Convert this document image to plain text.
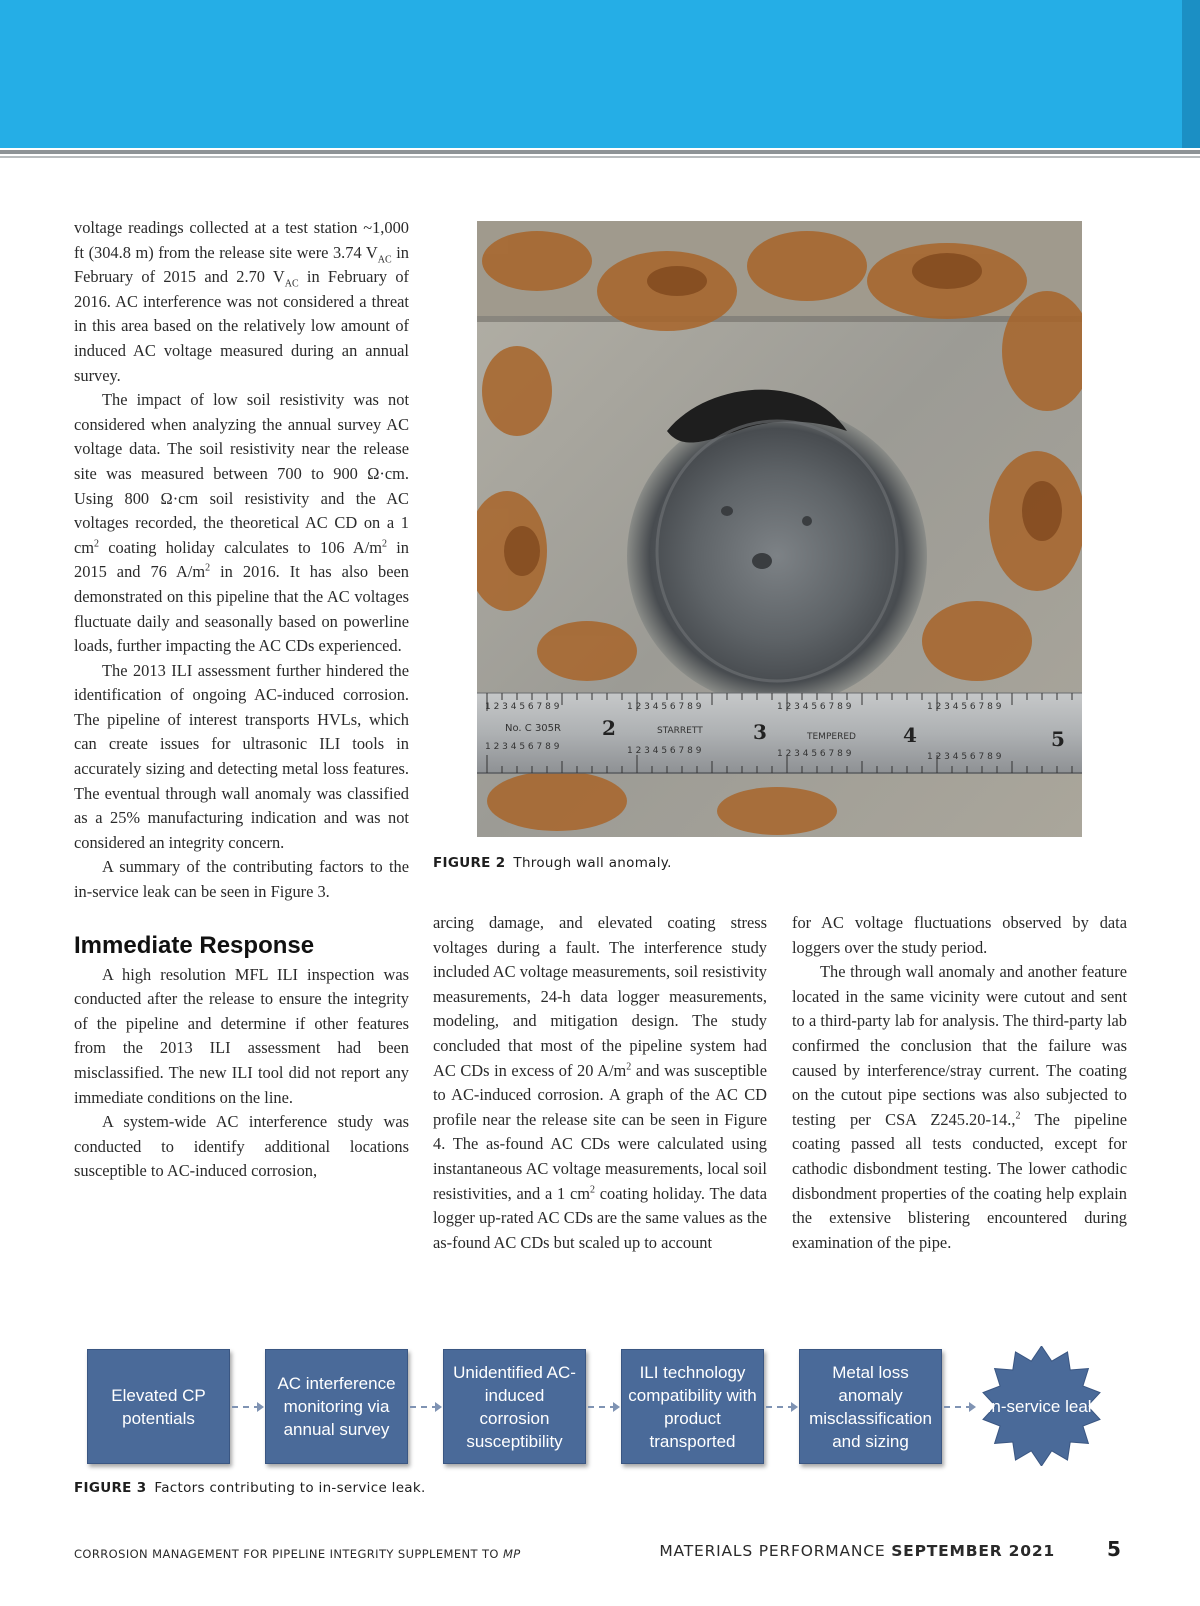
voltage readings collected at a test station ~1,000 ft (304.8 m) from the release site were 3.74 $V_{AC}$ in February of 2015 and 2.70 $V_{AC}$ in February of 2016. AC interference was not considered a threat in this area based on the relatively low amount of induced AC voltage measured during an annual survey.

The impact of low soil resistivity was not considered when analyzing the annual survey AC voltage data. The soil resistivity near the release site was measured between 700 to 900 Ω·cm. Using 800 Ω·cm soil resistivity and the AC voltages recorded, the theoretical AC CD on a 1 $cm^2$ coating holiday calculates to 106 $A/m^2$ in 2015 and 76 $A/m^2$ in 2016. It has also been demonstrated on this pipeline that the AC voltages fluctuate daily and seasonally based on powerline loads, further impacting the AC CDs experienced.

The 2013 ILI assessment further hindered the identification of ongoing AC-induced corrosion. The pipeline of interest transports HVLs, which can create issues for ultrasonic ILI tools in accurately sizing and detecting metal loss features. The eventual through wall anomaly was classified as a 25% manufacturing indication and was not considered an integrity concern.

A summary of the contributing factors to the in-service leak can be seen in Figure 3.

Immediate Response

A high resolution MFL ILI inspection was conducted after the release to ensure the integrity of the pipeline and determine if other features from the 2013 ILI assessment had been misclassified. The new ILI tool did not report any immediate conditions on the line.

A system-wide AC interference study was conducted to identify additional locations susceptible to AC-induced corrosion,

No. C 305R	STARRETT
TEMPERED
2	3	4	5
1 2 3 4 5 6 7 8 9	1 2 3 4 5 6 7 8 9	1 2 3 4 5 6 7 8 9	1 2 3 4 5 6 7 8 9
1 2 3 4 5 6 7 8 9	1 2 3 4 5 6 7 8 9	1 2 3 4 5 6 7 8 9	1 2 3 4 5 6 7 8 9
FIGURE 2 Through wall anomaly.

arcing damage, and elevated coating stress voltages during a fault. The interference study included AC voltage measurements, soil resistivity measurements, 24-h data logger measurements, modeling, and mitigation design. The study concluded that most of the pipeline system had AC CDs in excess of 20 $A/m^2$ and was susceptible to AC-induced corrosion. A graph of the AC CD profile near the release site can be seen in Figure 4. The as-found AC CDs were calculated using instantaneous AC voltage measurements, local soil resistivities, and a 1 $cm^2$ coating holiday. The data logger up-rated AC CDs are the same values as the as-found AC CDs but scaled up to account

for AC voltage fluctuations observed by data loggers over the study period.

The through wall anomaly and another feature located in the same vicinity were cutout and sent to a third-party lab for analysis. The third-party lab confirmed the conclusion that the failure was caused by interference/stray current. The coating on the cutout pipe sections was also subjected to testing per CSA Z245.20-14.,$^2$ The pipeline coating passed all tests conducted, except for cathodic disbondment testing. The lower cathodic disbondment properties of the coating help explain the extensive blistering encountered during examination of the pipe.

Elevated CP potentials
AC interference monitoring via annual survey
Unidentified AC-induced corrosion susceptibility
ILI technology compatibility with product transported
Metal loss anomaly misclassification and sizing
In-service leak
FIGURE 3 Factors contributing to in-service leak.
CORROSION MANAGEMENT FOR PIPELINE INTEGRITY SUPPLEMENT TO MP	MATERIALS PERFORMANCE SEPTEMBER 2021	5
